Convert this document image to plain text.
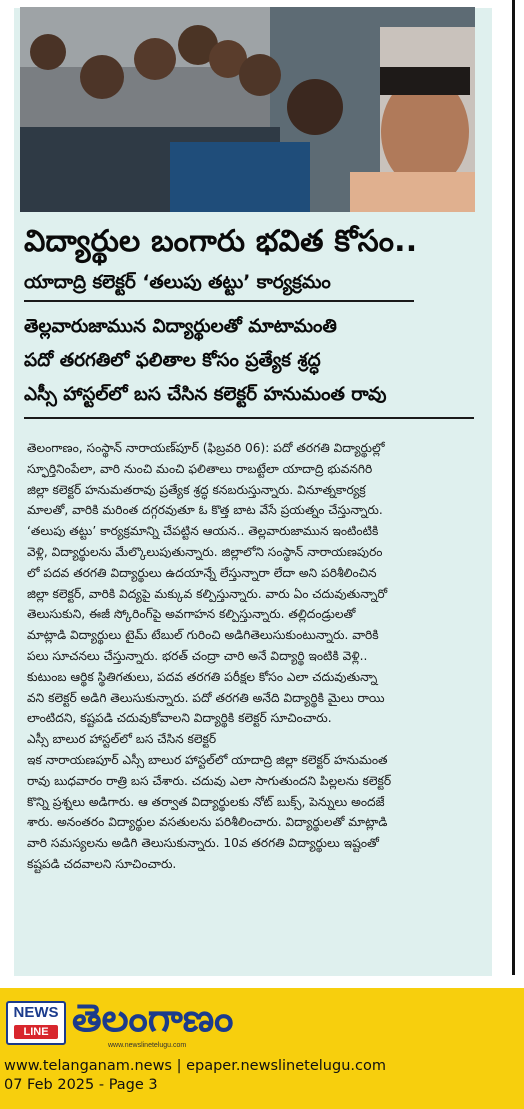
విద్యార్థుల బంగారు భవిత కోసం..
యాదాద్రి కలెక్టర్ ‘తలుపు తట్టు’ కార్యక్రమం
తెల్లవారుజామున విద్యార్థులతో మాటామంతి
పదో తరగతిలో ఫలితాల కోసం ప్రత్యేక శ్రద్ధ
ఎస్సీ హాస్టల్‌లో బస చేసిన కలెక్టర్ హనుమంత రావు
తెలంగాణం, సంస్థాన్ నారాయణ్‌పూర్ (ఫిబ్రవరి 06): పదో తరగతి విద్యార్థుల్లో
స్ఫూర్తినింపేలా, వారి నుంచి మంచి ఫలితాలు రాబట్టేలా యాదాద్రి భువనగిరి
జిల్లా కలెక్టర్ హనుమతరావు ప్రత్యేక శ్రద్ధ కనబరుస్తున్నారు. వినూత్నకార్యక్ర
మాలతో, వారికి మరింత దగ్గరవుతూ ఓ కొత్త బాట వేసే ప్రయత్నం చేస్తున్నారు.
‘తలుపు తట్టు’ కార్యక్రమాన్ని చేపట్టిన ఆయన.. తెల్లవారుజామున ఇంటింటికి
వెళ్లి, విద్యార్థులను మేల్కొలుపుతున్నారు. జిల్లాలోని సంస్థాన్ నారాయణపురం
లో పదవ తరగతి విద్యార్థులు ఉదయాన్నే లేస్తున్నారా లేదా అని పరిశీలించిన
జిల్లా కలెక్టర్, వారికి విద్యపై మక్కువ కల్పిస్తున్నారు. వారు ఏం చదువుతున్నారో
తెలుసుకుని, ఈజీ స్కోరింగ్‌పై అవగాహన కల్పిస్తున్నారు. తల్లిదండ్రులతో
మాట్లాడి విద్యార్థులు టైమ్ టేబుల్ గురించి అడిగితెలుసుకుంటున్నారు. వారికి
పలు సూచనలు చేస్తున్నారు. భరత్ చంద్రా చారి అనే విద్యార్థి ఇంటికి వెళ్లి..
కుటుంబ ఆర్థిక స్థితిగతులు, పదవ తరగతి పరీక్షల కోసం ఎలా చదువుతున్నా
వని కలెక్టర్ అడిగి తెలుసుకున్నారు. పదో తరగతి అనేది విద్యార్థికి మైలు రాయి
లాంటిదని, కష్టపడి చదువుకోవాలని విద్యార్థికి కలెక్టర్ సూచించారు.
ఎస్సీ బాలుర హాస్టల్‌లో బస చేసిన కలెక్టర్
ఇక నారాయణపూర్ ఎస్సీ బాలుర హాస్టల్‌లో యాదాద్రి జిల్లా కలెక్టర్ హనుమంత
రావు బుధవారం రాత్రి బస చేశారు. చదువు ఎలా సాగుతుందని పిల్లలను కలెక్టర్
కొన్ని ప్రశ్నలు అడిగారు. ఆ తర్వాత విద్యార్థులకు నోట్ బుక్స్, పెన్నులు అందజే
శారు. అనంతరం విద్యార్థుల వసతులను పరిశీలించారు. విద్యార్థులతో మాట్లాడి
వారి సమస్యలను అడిగి తెలుసుకున్నారు. 10వ తరగతి విద్యార్థులు ఇష్టంతో
కష్టపడి చదవాలని సూచించారు.
NEWS
LINE తెలంగాణం
www.newslinetelugu.com
www.telanganam.news | epaper.newslinetelugu.com
07 Feb 2025 - Page 3
